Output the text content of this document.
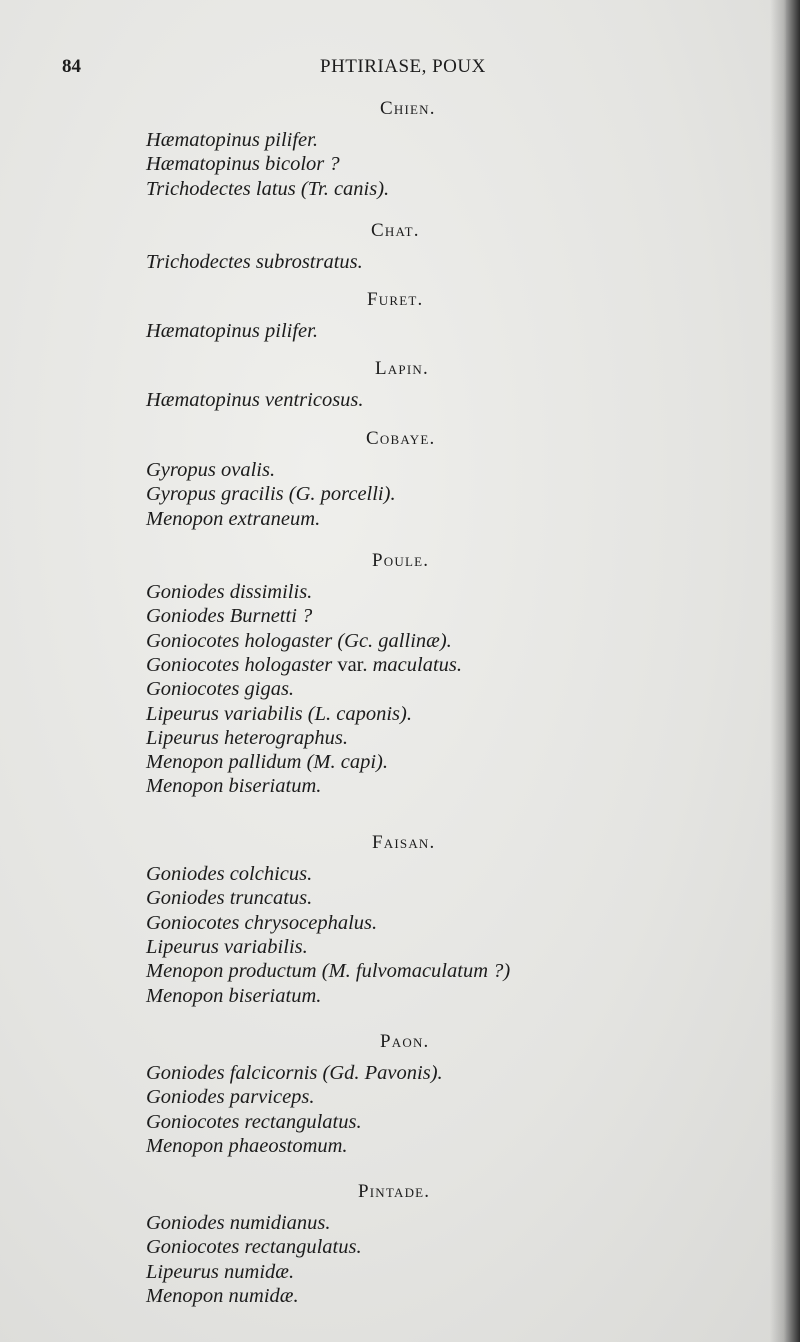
84	PHTIRIASE, POUX
Chien.
Hæmatopinus pilifer.
Hæmatopinus bicolor ?
Trichodectes latus (Tr. canis).
Chat.
Trichodectes subrostratus.
Furet.
Hæmatopinus pilifer.
Lapin.
Hæmatopinus ventricosus.
Cobaye.
Gyropus ovalis.
Gyropus gracilis (G. porcelli).
Menopon extraneum.
Poule.
Goniodes dissimilis.
Goniodes Burnetti ?
Goniocotes hologaster (Gc. gallinæ).
Goniocotes hologaster var. maculatus.
Goniocotes gigas.
Lipeurus variabilis (L. caponis).
Lipeurus heterographus.
Menopon pallidum (M. capi).
Menopon biseriatum.
Faisan.
Goniodes colchicus.
Goniodes truncatus.
Goniocotes chrysocephalus.
Lipeurus variabilis.
Menopon productum (M. fulvomaculatum ?)
Menopon biseriatum.
Paon.
Goniodes falcicornis (Gd. Pavonis).
Goniodes parviceps.
Goniocotes rectangulatus.
Menopon phaeostomum.
Pintade.
Goniodes numidianus.
Goniocotes rectangulatus.
Lipeurus numidæ.
Menopon numidæ.
